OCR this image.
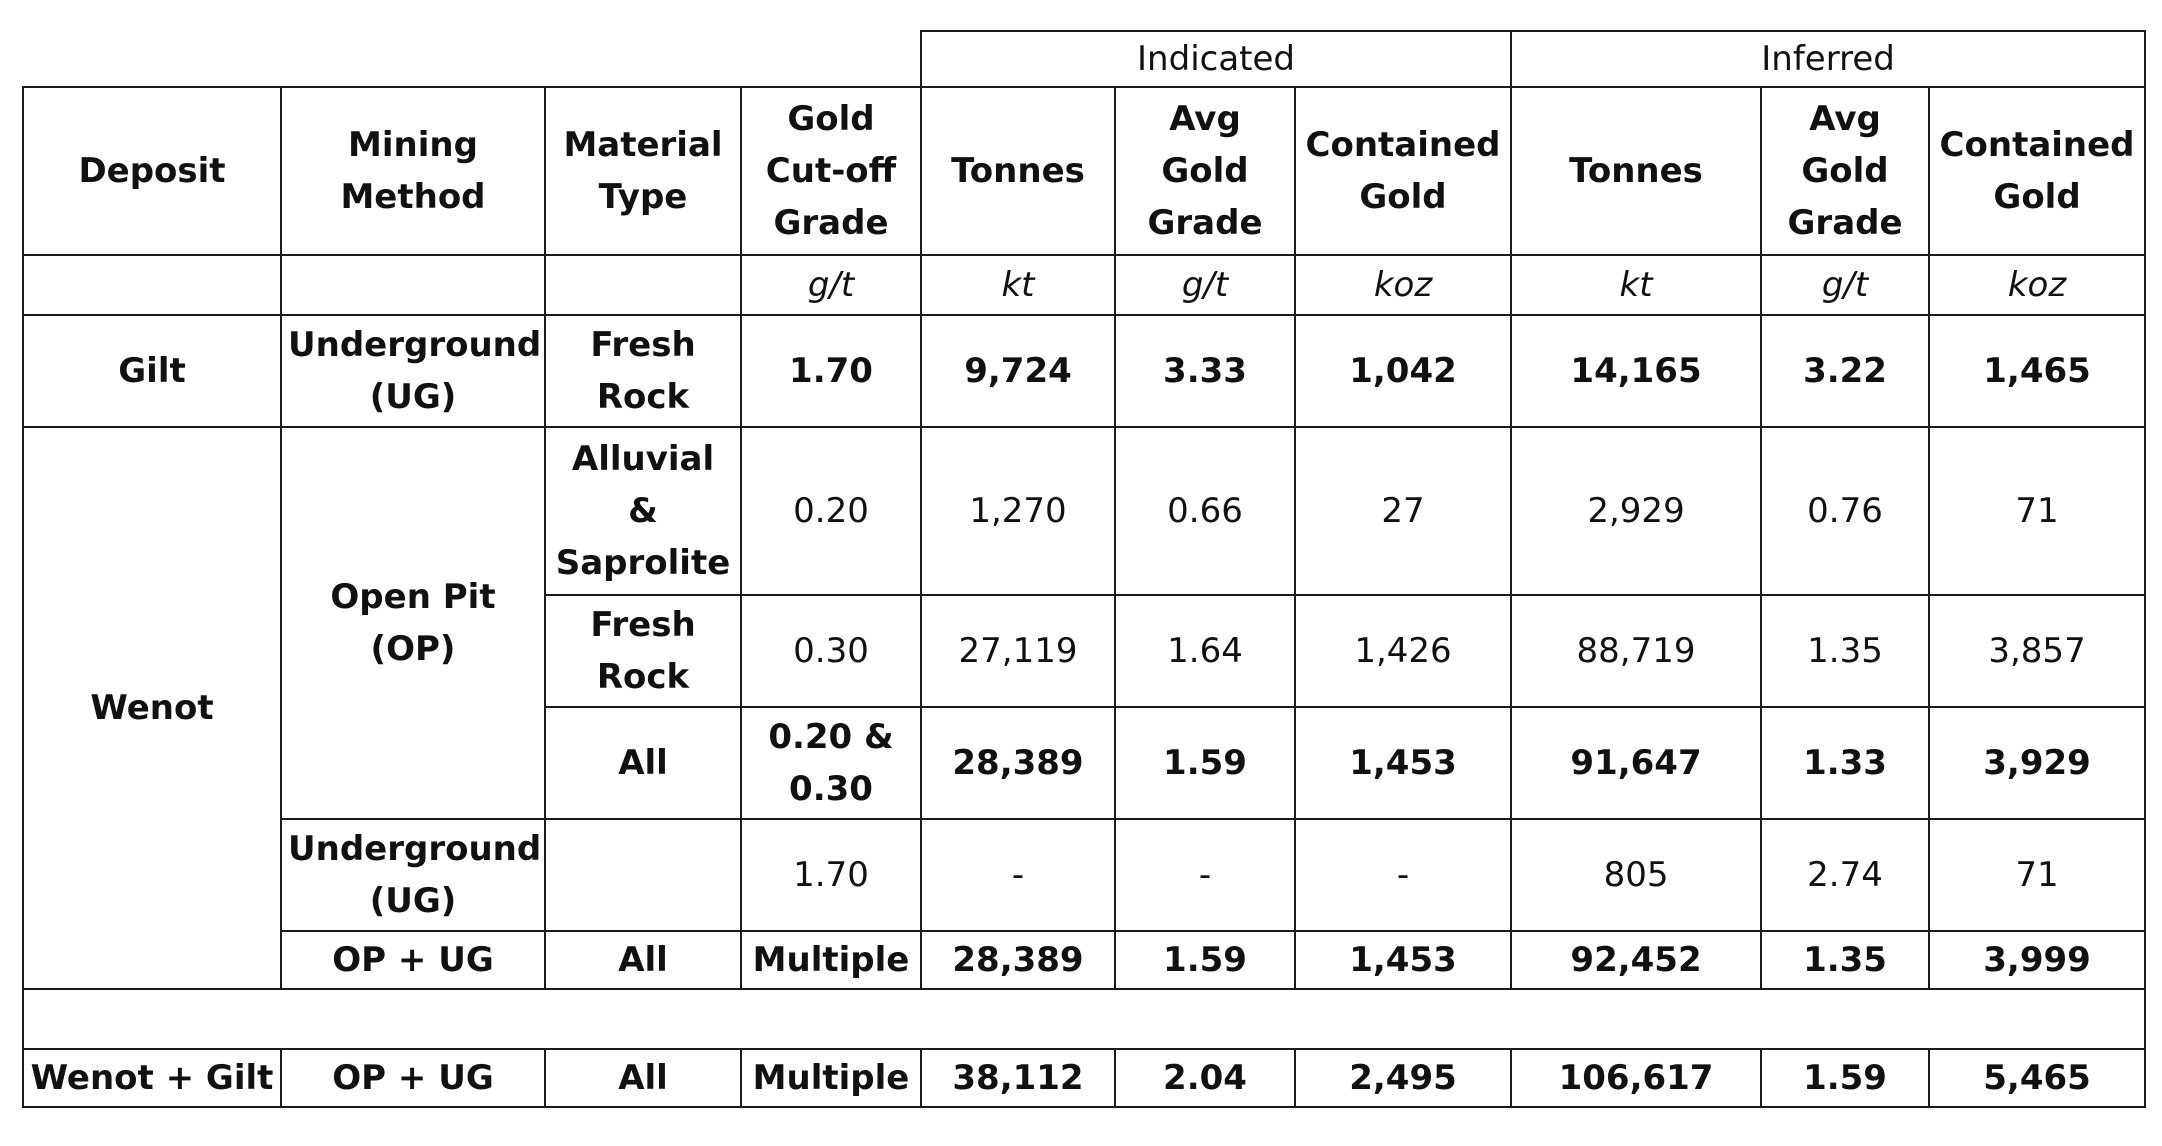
				Indicated			Inferred		
Deposit	Mining Method	Material Type	Gold Cut-off Grade	Tonnes	Avg Gold Grade	Contained Gold	Tonnes	Avg Gold Grade	Contained Gold
			g/t	kt	g/t	koz	kt	g/t	koz
Gilt	Underground (UG)	Fresh Rock	1.70	9,724	3.33	1,042	14,165	3.22	1,465
Wenot	Open Pit (OP)	Alluvial & Saprolite	0.20	1,270	0.66	27	2,929	0.76	71
		Fresh Rock	0.30	27,119	1.64	1,426	88,719	1.35	3,857
		All	0.20 & 0.30	28,389	1.59	1,453	91,647	1.33	3,929
	Underground (UG)		1.70	-	-	-	805	2.74	71
	OP + UG	All	Multiple	28,389	1.59	1,453	92,452	1.35	3,999

Wenot + Gilt	OP + UG	All	Multiple	38,112	2.04	2,495	106,617	1.59	5,465
